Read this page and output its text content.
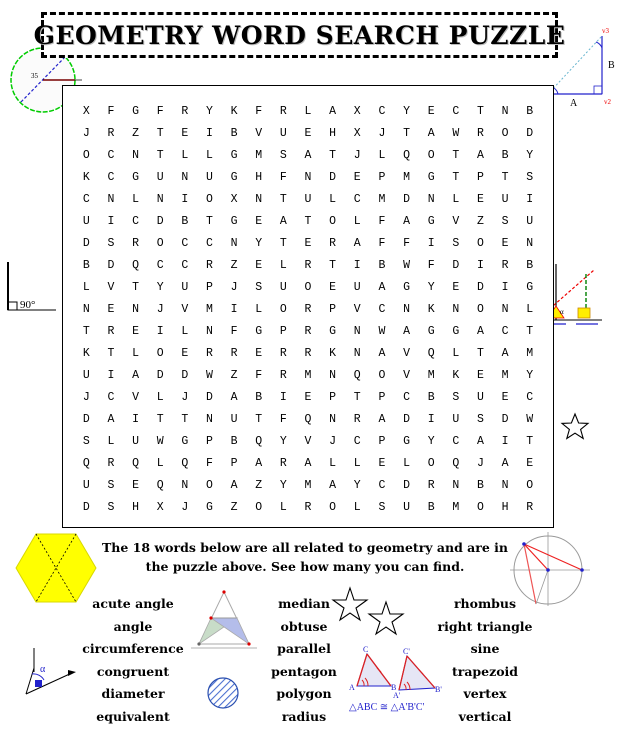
35
v3
v2
A
B
90°
α
C
A	B
C'
A'
B'
△ABC ≅ △A'B'C'
α
GEOMETRY WORD SEARCH PUZZLE
X	F	G	F	R	Y	K	F	R	L	A	X	C	Y	E	C	T	N	B
J	R	Z	T	E	I	B	V	U	E	H	X	J	T	A	W	R	O	D
O	C	N	T	L	L	G	M	S	A	T	J	L	Q	O	T	A	B	Y
K	C	G	U	N	U	G	H	F	N	D	E	P	M	G	T	P	T	S
C	N	L	N	I	O	X	N	T	U	L	C	M	D	N	L	E	U	I
U	I	C	D	B	T	G	E	A	T	O	L	F	A	G	V	Z	S	U
D	S	R	O	C	C	N	Y	T	E	R	A	F	F	I	S	O	E	N
B	D	Q	C	C	R	Z	E	L	R	T	I	B	W	F	D	I	R	B
L	V	T	Y	U	P	J	S	U	O	E	U	A	G	Y	E	D	I	G
N	E	N	J	V	M	I	L	O	R	P	V	C	N	K	N	O	N	L
T	R	E	I	L	N	F	G	P	R	G	N	W	A	G	G	A	C	T
K	T	L	O	E	R	R	E	R	R	K	N	A	V	Q	L	T	A	M
U	I	A	D	D	W	Z	F	R	M	N	Q	O	V	M	K	E	M	Y
J	C	V	L	J	D	A	B	I	E	P	T	P	C	B	S	U	E	C
D	A	I	T	T	N	U	T	F	Q	N	R	A	D	I	U	S	D	W
S	L	U	W	G	P	B	Q	Y	V	J	C	P	G	Y	C	A	I	T
Q	R	Q	L	Q	F	P	A	R	A	L	L	E	L	O	Q	J	A	E
U	S	E	Q	N	O	A	Z	Y	M	A	Y	C	D	R	N	B	N	O
D	S	H	X	J	G	Z	O	L	R	O	L	S	U	B	M	O	H	R
The 18 words below are all related to geometry and are in the puzzle above. See how many you can find.
acute angle
angle
circumference
congruent
diameter
equivalent
median
obtuse
parallel
pentagon
polygon
radius
rhombus
right triangle
sine
trapezoid
vertex
vertical
